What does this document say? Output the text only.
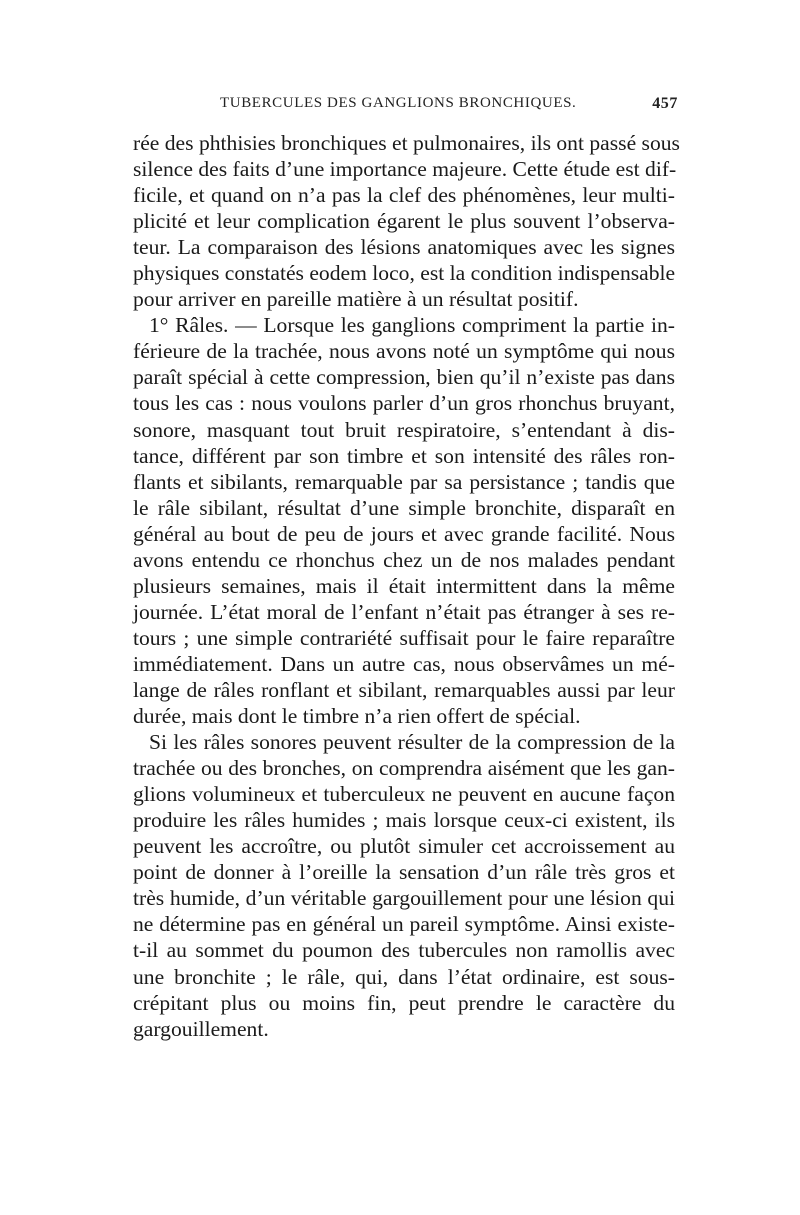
TUBERCULES DES GANGLIONS BRONCHIQUES.	457
rée des phthisies bronchiques et pulmonaires, ils ont passé sous
silence des faits d’une importance majeure. Cette étude est dif-
ficile, et quand on n’a pas la clef des phénomènes, leur multi-
plicité et leur complication égarent le plus souvent l’observa-
teur. La comparaison des lésions anatomiques avec les signes
physiques constatés eodem loco, est la condition indispensable
pour arriver en pareille matière à un résultat positif.
1° Râles. — Lorsque les ganglions compriment la partie in-
férieure de la trachée, nous avons noté un symptôme qui nous
paraît spécial à cette compression, bien qu’il n’existe pas dans
tous les cas : nous voulons parler d’un gros rhonchus bruyant,
sonore, masquant tout bruit respiratoire, s’entendant à dis-
tance, différent par son timbre et son intensité des râles ron-
flants et sibilants, remarquable par sa persistance ; tandis que
le râle sibilant, résultat d’une simple bronchite, disparaît en
général au bout de peu de jours et avec grande facilité. Nous
avons entendu ce rhonchus chez un de nos malades pendant
plusieurs semaines, mais il était intermittent dans la même
journée. L’état moral de l’enfant n’était pas étranger à ses re-
tours ; une simple contrariété suffisait pour le faire reparaître
immédiatement. Dans un autre cas, nous observâmes un mé-
lange de râles ronflant et sibilant, remarquables aussi par leur
durée, mais dont le timbre n’a rien offert de spécial.
Si les râles sonores peuvent résulter de la compression de la
trachée ou des bronches, on comprendra aisément que les gan-
glions volumineux et tuberculeux ne peuvent en aucune façon
produire les râles humides ; mais lorsque ceux-ci existent, ils
peuvent les accroître, ou plutôt simuler cet accroissement au
point de donner à l’oreille la sensation d’un râle très gros et
très humide, d’un véritable gargouillement pour une lésion qui
ne détermine pas en général un pareil symptôme. Ainsi existe-
t-il au sommet du poumon des tubercules non ramollis avec
une bronchite ; le râle, qui, dans l’état ordinaire, est sous-
crépitant plus ou moins fin, peut prendre le caractère du
gargouillement.
